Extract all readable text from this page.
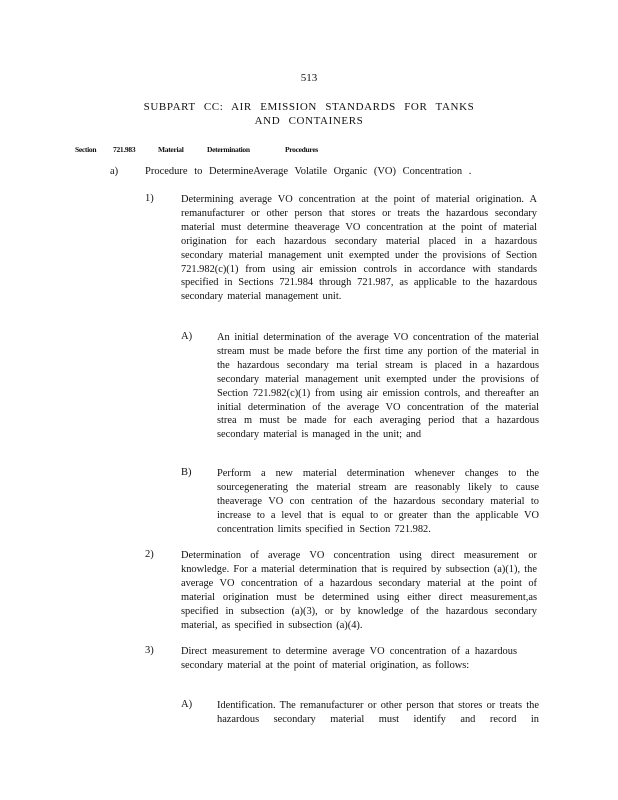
513
SUBPART CC: AIR EMISSION STANDARDS FOR TANKS
AND CONTAINERS
Section 721.983	Material	Determination	Procedures
a)	Procedure to DetermineAverage Volatile Organic (VO) Concentration .
1)	Determining average VO concentration at the point of material origination. A remanufacturer or other person that stores or treats the hazardous secondary material must determine theaverage VO concentration at the point of material origination for each hazardous secondary material placed in a hazardous secondary material management unit exempted under the provisions of Section 721.982(c)(1) from using air emission controls in accordance with standards specified in Sections 721.984 through 721.987, as applicable to the hazardous secondary material management unit.
A) An initial determination of the average VO concentration of the material stream must be made before the first time any portion of the material in the hazardous secondary ma terial stream is placed in a hazardous secondary material management unit exempted under the provisions of Section 721.982(c)(1) from using air emission controls, and thereafter an initial determination of the average VO concentration of the material strea m must be made for each averaging period that a hazardous secondary material is managed in the unit; and
B) Perform a new material determination whenever changes to the sourcegenerating the material stream are reasonably likely to cause theaverage VO con centration of the hazardous secondary material to increase to a level that is equal to or greater than the applicable VO concentration limits specified in Section 721.982.
2)	Determination of average VO concentration using direct measurement or knowledge. For a material determination that is required by subsection (a)(1), the average VO concentration of a hazardous secondary material at the point of material origination must be determined using either direct measurement,as specified in subsection (a)(3), or by knowledge of the hazardous secondary material, as specified in subsection (a)(4).
3)	Direct measurement to determine average VO concentration of a hazardous secondary material at the point of material origination, as follows:
A) Identification. The remanufacturer or other person that stores or treats the hazardous secondary material must identify and record in
